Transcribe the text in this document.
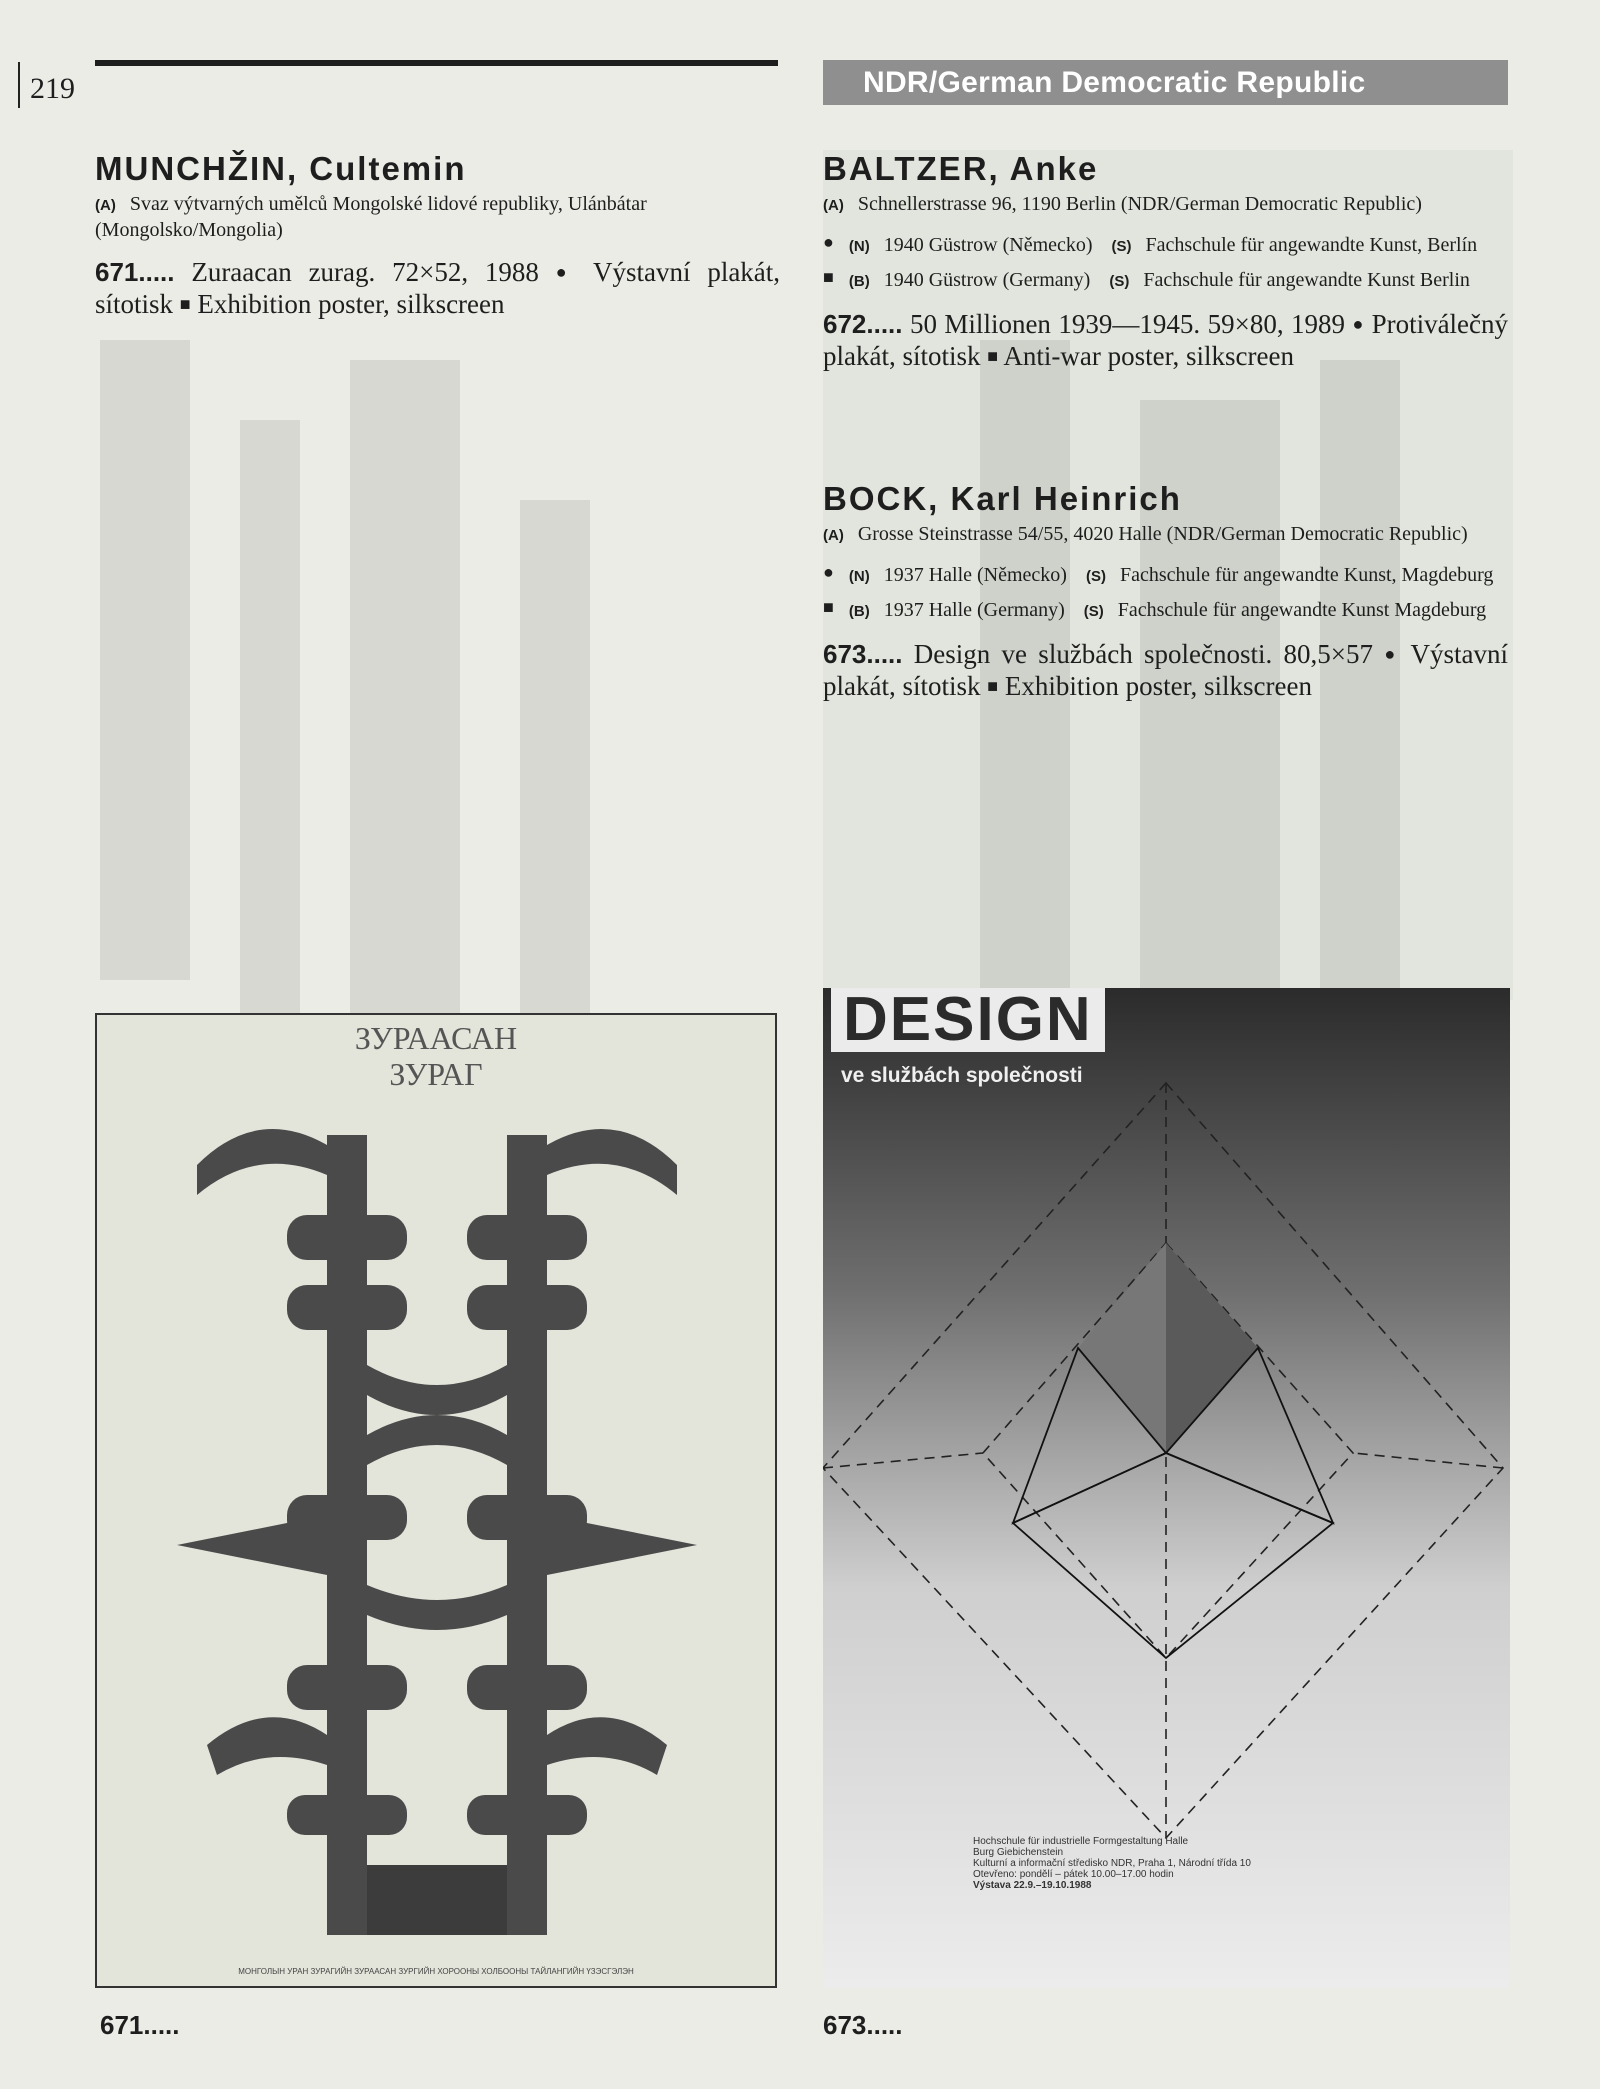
219	NDR/German Democratic Republic
MUNCHŽIN, Cultemin
(A) Svaz výtvarných umělců Mongolské lidové republiky, Ulánbátar (Mongolsko/Mongolia)
671..... Zuraacan zurag. 72×52, 1988 ● Výstavní plakát, sítotisk ■ Exhibition poster, silkscreen
ЗУРААСАН
ЗУРАГ
МОНГОЛЫН УРАН ЗУРАГИЙН ЗУРААСАН ЗУРГИЙН ХОРООНЫ ХОЛБООНЫ ТАЙЛАНГИЙН ҮЗЭСГЭЛЭН
671.....
BALTZER, Anke
(A) Schnellerstrasse 96, 1190 Berlin (NDR/German Democratic Republic)
● (N) 1940 Güstrow (Německo) (S) Fachschule für angewandte Kunst, Berlín
■ (B) 1940 Güstrow (Germany) (S) Fachschule für angewandte Kunst Berlin
672..... 50 Millionen 1939—1945. 59×80, 1989 ● Protiválečný plakát, sítotisk ■ Anti-war poster, silkscreen
BOCK, Karl Heinrich
(A) Grosse Steinstrasse 54/55, 4020 Halle (NDR/German Democratic Republic)
● (N) 1937 Halle (Německo) (S) Fachschule für angewandte Kunst, Magdeburg
■ (B) 1937 Halle (Germany) (S) Fachschule für angewandte Kunst Magdeburg
673..... Design ve službách společnosti. 80,5×57 ● Výstavní plakát, sítotisk ■ Exhibition poster, silkscreen
DESIGN
ve službách společnosti
Hochschule für industrielle Formgestaltung Halle
Burg Giebichenstein
Kulturní a informační středisko NDR, Praha 1, Národní třída 10
Otevřeno: pondělí – pátek 10.00–17.00 hodin
Výstava 22.9.–19.10.1988
673.....
